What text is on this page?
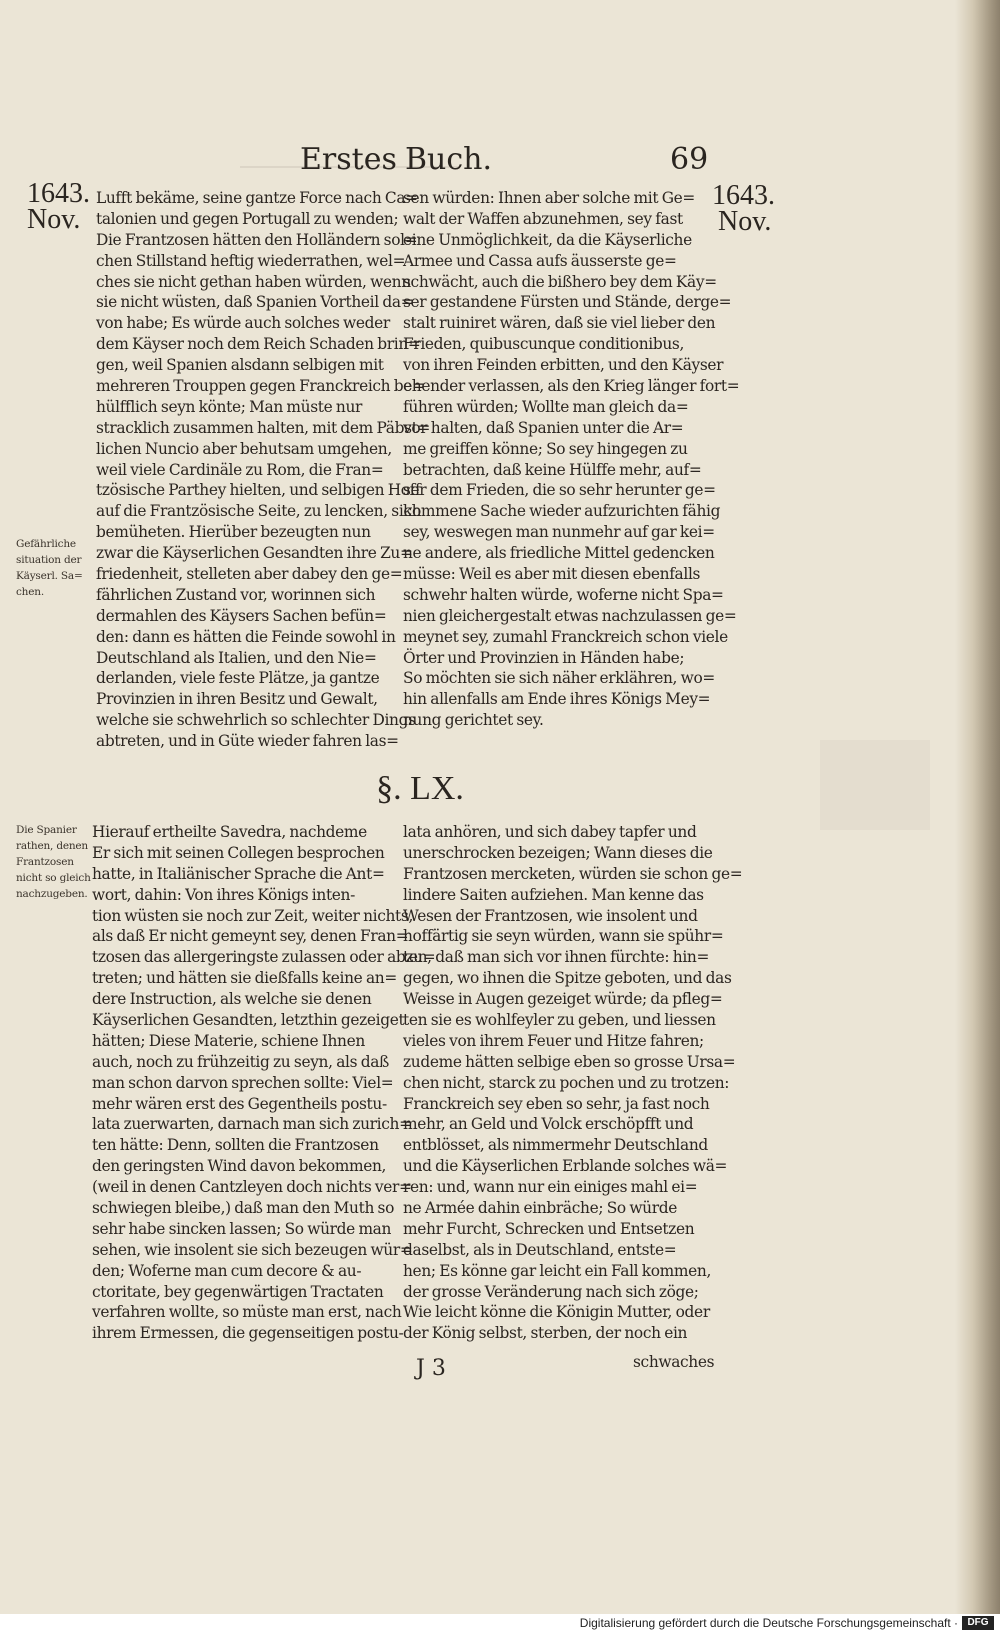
Erstes Buch.	69
1643.
Nov.
1643.
Nov.
Lufft bekäme, seine gantze Force nach Ca=
talonien und gegen Portugall zu wenden;
Die Frantzosen hätten den Holländern sol=
chen Stillstand heftig wiederrathen, wel=
ches sie nicht gethan haben würden, wenn
sie nicht wüsten, daß Spanien Vortheil da=
von habe; Es würde auch solches weder
dem Käyser noch dem Reich Schaden brin=
gen, weil Spanien alsdann selbigen mit
mehreren Trouppen gegen Franckreich be=
hülfflich seyn könte; Man müste nur
stracklich zusammen halten, mit dem Päbst=
lichen Nuncio aber behutsam umgehen,
weil viele Cardinäle zu Rom, die Fran=
tzösische Parthey hielten, und selbigen Hoff
auf die Frantzösische Seite, zu lencken, sich
bemüheten. Hierüber bezeugten nun
zwar die Käyserlichen Gesandten ihre Zu=
friedenheit, stelleten aber dabey den ge=
fährlichen Zustand vor, worinnen sich
dermahlen des Käysers Sachen befün=
den: dann es hätten die Feinde sowohl in
Deutschland als Italien, und den Nie=
derlanden, viele feste Plätze, ja gantze
Provinzien in ihren Besitz und Gewalt,
welche sie schwehrlich so schlechter Dings
abtreten, und in Güte wieder fahren las=
sen würden: Ihnen aber solche mit Ge=
walt der Waffen abzunehmen, sey fast
eine Unmöglichkeit, da die Käyserliche
Armee und Cassa aufs äusserste ge=
schwächt, auch die bißhero bey dem Käy=
ser gestandene Fürsten und Stände, derge=
stalt ruiniret wären, daß sie viel lieber den
Frieden, quibuscunque conditionibus,
von ihren Feinden erbitten, und den Käyser
ehender verlassen, als den Krieg länger fort=
führen würden; Wollte man gleich da=
vor halten, daß Spanien unter die Ar=
me greiffen könne; So sey hingegen zu
betrachten, daß keine Hülffe mehr, auf=
ser dem Frieden, die so sehr herunter ge=
kommene Sache wieder aufzurichten fähig
sey, weswegen man nunmehr auf gar kei=
ne andere, als friedliche Mittel gedencken
müsse: Weil es aber mit diesen ebenfalls
schwehr halten würde, woferne nicht Spa=
nien gleichergestalt etwas nachzulassen ge=
meynet sey, zumahl Franckreich schon viele
Örter und Provinzien in Händen habe;
So möchten sie sich näher erklähren, wo=
hin allenfalls am Ende ihres Königs Mey=
nung gerichtet sey.
Gefährliche
situation der
Käyserl. Sa=
chen.
§. LX.
Hierauf ertheilte Savedra, nachdeme
Er sich mit seinen Collegen besprochen
hatte, in Italiänischer Sprache die Ant=
wort, dahin: Von ihres Königs inten-
tion wüsten sie noch zur Zeit, weiter nichts,
als daß Er nicht gemeynt sey, denen Fran=
tzosen das allergeringste zulassen oder abzu=
treten; und hätten sie dießfalls keine an=
dere Instruction, als welche sie denen
Käyserlichen Gesandten, letzthin gezeiget
hätten; Diese Materie, schiene Ihnen
auch, noch zu frühzeitig zu seyn, als daß
man schon darvon sprechen sollte: Viel=
mehr wären erst des Gegentheils postu-
lata zuerwarten, darnach man sich zurich=
ten hätte: Denn, sollten die Frantzosen
den geringsten Wind davon bekommen,
(weil in denen Cantzleyen doch nichts ver=
schwiegen bleibe,) daß man den Muth so
sehr habe sincken lassen; So würde man
sehen, wie insolent sie sich bezeugen wür=
den; Woferne man cum decore & au-
ctoritate, bey gegenwärtigen Tractaten
verfahren wollte, so müste man erst, nach
ihrem Ermessen, die gegenseitigen postu-
lata anhören, und sich dabey tapfer und
unerschrocken bezeigen; Wann dieses die
Frantzosen mercketen, würden sie schon ge=
lindere Saiten aufziehen. Man kenne das
Wesen der Frantzosen, wie insolent und
hoffärtig sie seyn würden, wann sie spühr=
ten, daß man sich vor ihnen fürchte: hin=
gegen, wo ihnen die Spitze geboten, und das
Weisse in Augen gezeiget würde; da pfleg=
ten sie es wohlfeyler zu geben, und liessen
vieles von ihrem Feuer und Hitze fahren;
zudeme hätten selbige eben so grosse Ursa=
chen nicht, starck zu pochen und zu trotzen:
Franckreich sey eben so sehr, ja fast noch
mehr, an Geld und Volck erschöpfft und
entblösset, als nimmermehr Deutschland
und die Käyserlichen Erblande solches wä=
ren: und, wann nur ein einiges mahl ei=
ne Armée dahin einbräche; So würde
mehr Furcht, Schrecken und Entsetzen
daselbst, als in Deutschland, entste=
hen; Es könne gar leicht ein Fall kommen,
der grosse Veränderung nach sich zöge;
Wie leicht könne die Königin Mutter, oder
der König selbst, sterben, der noch ein
Die Spanier
rathen, denen
Frantzosen
nicht so gleich
nachzugeben.
J 3	schwaches
Digitalisierung gefördert durch die Deutsche Forschungsgemeinschaft · DFG
